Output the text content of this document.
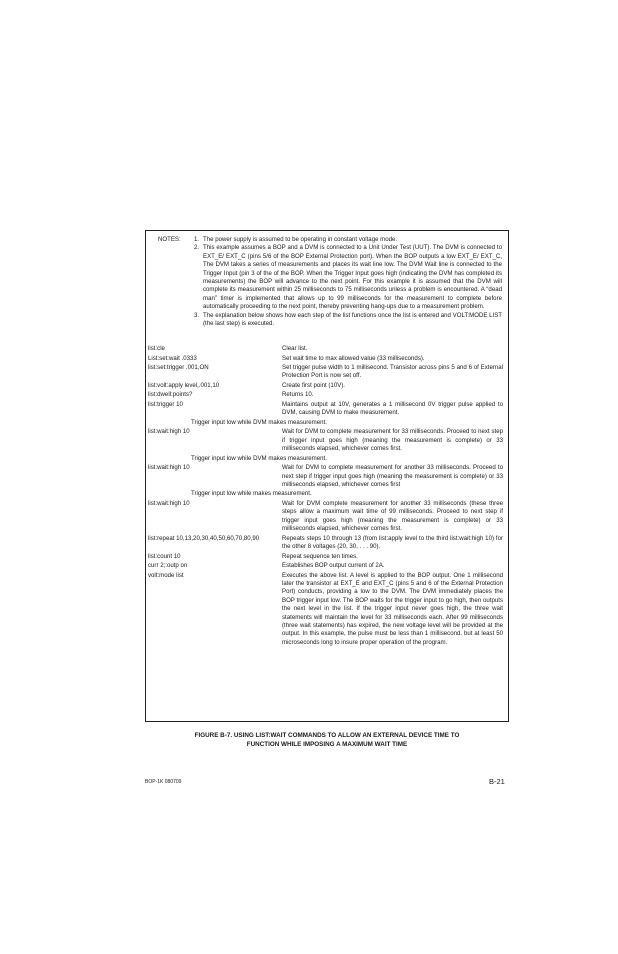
NOTES: 1. The power supply is assumed to be operating in constant voltage mode.
2. This example assumes a BOP and a DVM is connected to a Unit Under Test (UUT). The DVM is connected to EXT_E/ EXT_C (pins 5/6 of the BOP External Protection port). When the BOP outputs a low EXT_E/ EXT_C, The DVM takes a series of measurements and places its wait line low. The DVM Wait line is connected to the Trigger Input (pin 3 of the of the BOP. When the Trigger Input goes high (indicating the DVM has completed its measurements) the BOP will advance to the next point. For this example it is assumed that the DVM will complete its measurement within 25 milliseconds to 75 milliseconds unless a problem is encountered. A “dead man” timer is implemented that allows up to 99 milliseconds for the measurement to complete before automatically proceeding to the next point, thereby preventing hang-ups due to a measurement problem.
3. The explanation below shows how each step of the list functions once the list is entered and VOLT:MODE LIST (the last step) is executed.
list:cle	Clear list.
List:set:wait .0333	Set wait time to max allowed value (33 milliseconds).
list:set:trigger .001,ON	Set trigger pulse width to 1 millisecond. Transistor across pins 5 and 6 of External Protection Port is now set off.
list:volt:apply level,.001,10	Create first point (10V).
list:dwell:points?	Returns 10.
list:trigger 10	Maintains output at 10V, generates a 1 millisecond 0V trigger pulse applied to DVM, causing DVM to make measurement.
Trigger input low while DVM makes measurement.
list:wait:high 10	Wait for DVM to complete measurement for 33 milliseconds. Proceed to next step if trigger input goes high (meaning the measurement is complete) or 33 milliseconds elapsed, whichever comes first.
Trigger input low while DVM makes measurement.
list:wait:high 10	Wait for DVM to complete measurement for another 33 milliseconds. Proceed to next step if trigger input goes high (meaning the measurement is complete) or 33 milliseconds elapsed, whichever comes first
Trigger input low while makes measurement.
list:wait:high 10	Wait for DVM complete measurement for another 33 milliseconds (these three steps allow a maximum wait time of 99 milliseconds. Proceed to next step if trigger input goes high (meaning the measurement is complete) or 33 milliseconds elapsed, whichever comes first.
list:repeat 10,13,20,30,40,50,60,70,80,90	Repeats steps 10 through 13 (from list:apply level to the third list:wait:high 10) for the other 8 voltages (20, 30, . . . 90).
list:count 10	Repeat sequence ten times.
curr 2;:outp on	Establishes BOP output current of 2A.
volt:mode list	Executes the above list. A level is applied to the BOP output. One 1 millisecond later the transistor at EXT_E and EXT_C (pins 5 and 6 of the External Protection Port) conducts, providing a low to the DVM. The DVM immediately places the BOP trigger input low. The BOP waits for the trigger input to go high, then outputs the next level in the list. If the trigger input never goes high, the three wait statements will maintain the level for 33 milliseconds each. After 99 milliseconds (three wait statements) has expired, the new voltage level will be provided at the output. In this example, the pulse must be less than 1 millisecond. but at least 50 microseconds long to insure proper operation of the program.
FIGURE B-7. USING LIST:WAIT COMMANDS TO ALLOW AN EXTERNAL DEVICE TIME TO
FUNCTION WHILE IMPOSING A MAXIMUM WAIT TIME
BOP-1K 080709	B-21
